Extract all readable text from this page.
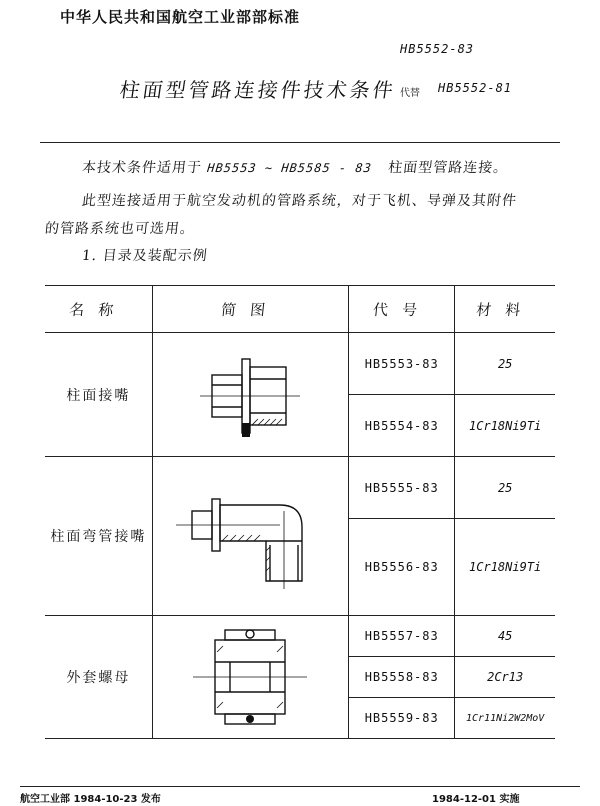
中华人民共和国航空工业部部标准
HB5552-83
柱面型管路连接件技术条件 代替 HB5552-81
本技术条件适用于 HB5553 ~ HB5585 - 83 柱面型管路连接。
此型连接适用于航空发动机的管路系统，对于飞机、导弹及其附件
的管路系统也可选用。
1. 目录及装配示例
名称	简图	代号	材料
柱面接嘴		HB5553-83	25
		HB5554-83	1Cr18Ni9Ti
柱面弯管接嘴		HB5555-83	25
		HB5556-83	1Cr18Ni9Ti
外套螺母		HB5557-83	45
		HB5558-83	2Cr13
		HB5559-83	1Cr11Ni2W2MoV
航空工业部 1984-10-23 发布	1984-12-01 实施
